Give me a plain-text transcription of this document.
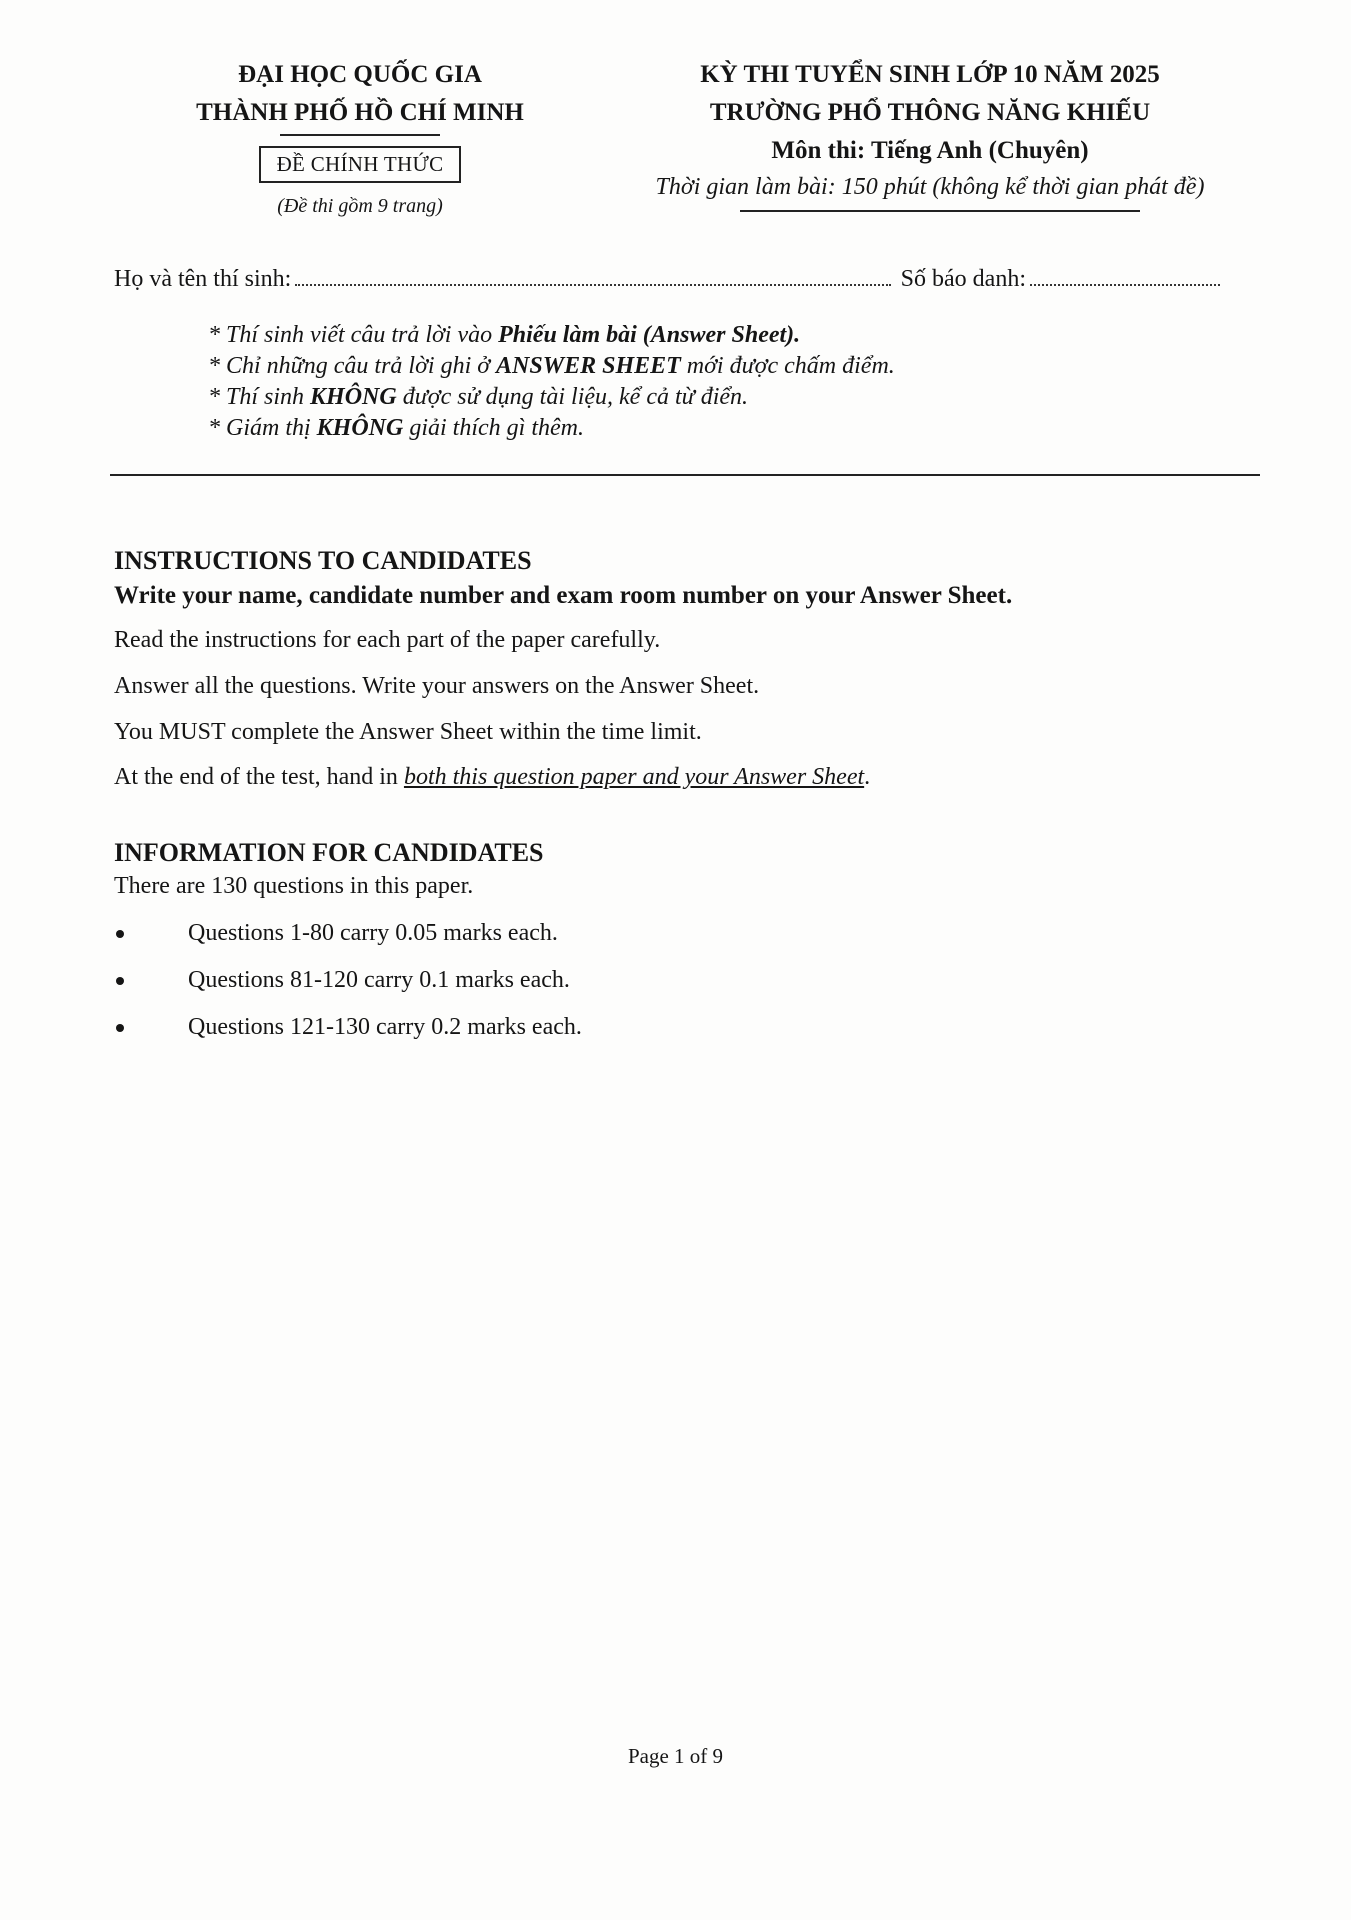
ĐẠI HỌC QUỐC GIA
THÀNH PHỐ HỒ CHÍ MINH
ĐỀ CHÍNH THỨC
(Đề thi gồm 9 trang)
KỲ THI TUYỂN SINH LỚP 10 NĂM 2025
TRƯỜNG PHỔ THÔNG NĂNG KHIẾU
Môn thi: Tiếng Anh (Chuyên)
Thời gian làm bài: 150 phút (không kể thời gian phát đề)
Họ và tên thí sinh:	Số báo danh:
* Thí sinh viết câu trả lời vào Phiếu làm bài (Answer Sheet).
* Chỉ những câu trả lời ghi ở ANSWER SHEET mới được chấm điểm.
* Thí sinh KHÔNG được sử dụng tài liệu, kể cả từ điển.
* Giám thị KHÔNG giải thích gì thêm.
INSTRUCTIONS TO CANDIDATES
Write your name, candidate number and exam room number on your Answer Sheet.
Read the instructions for each part of the paper carefully.
Answer all the questions. Write your answers on the Answer Sheet.
You MUST complete the Answer Sheet within the time limit.
At the end of the test, hand in both this question paper and your Answer Sheet.
INFORMATION FOR CANDIDATES
There are 130 questions in this paper.
Questions 1-80 carry 0.05 marks each.
Questions 81-120 carry 0.1 marks each.
Questions 121-130 carry 0.2 marks each.
Page 1 of 9
